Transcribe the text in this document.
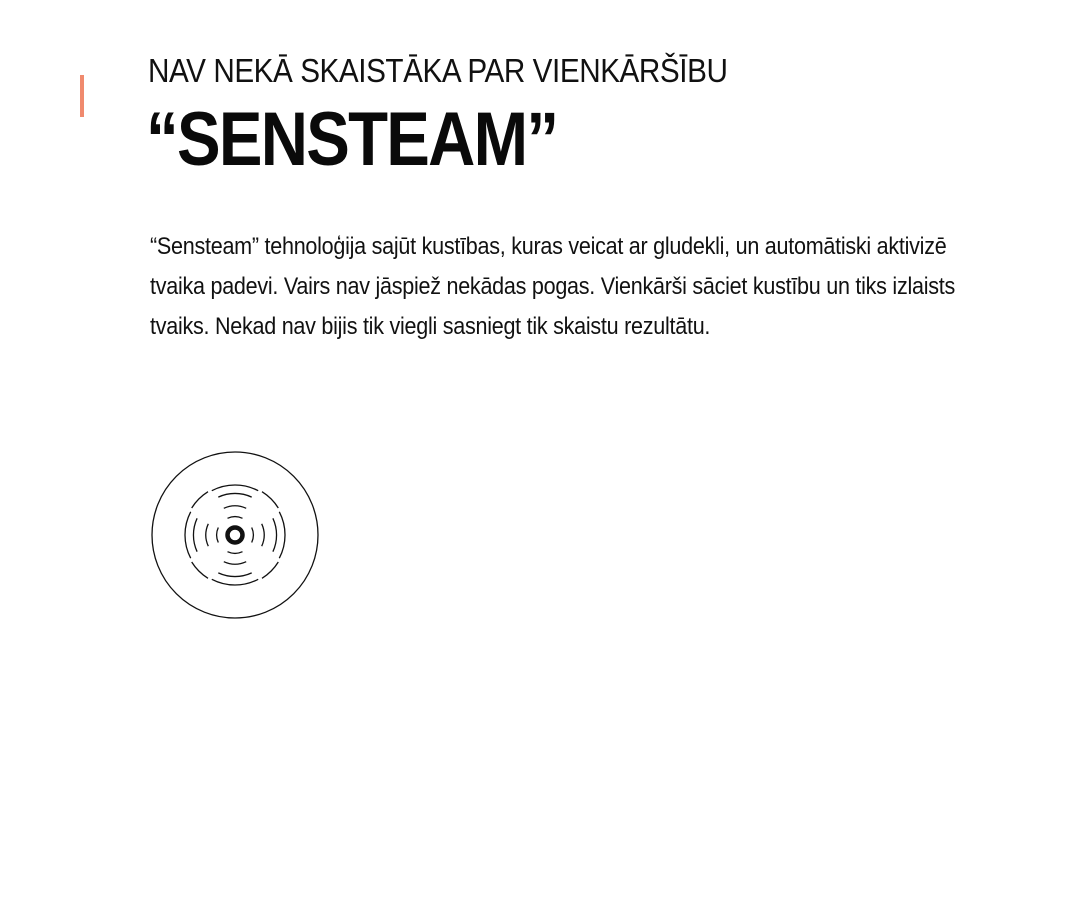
NAV NEKĀ SKAISTĀKA PAR VIENKĀRŠĪBU
“SENSTEAM”

“Sensteam” tehnoloģija sajūt kustības, kuras veicat ar gludekli, un automātiski aktivizē tvaika padevi. Vairs nav jāspiež nekādas pogas. Vienkārši sāciet kustību un tiks izlaists tvaiks. Nekad nav bijis tik viegli sasniegt tik skaistu rezultātu.
